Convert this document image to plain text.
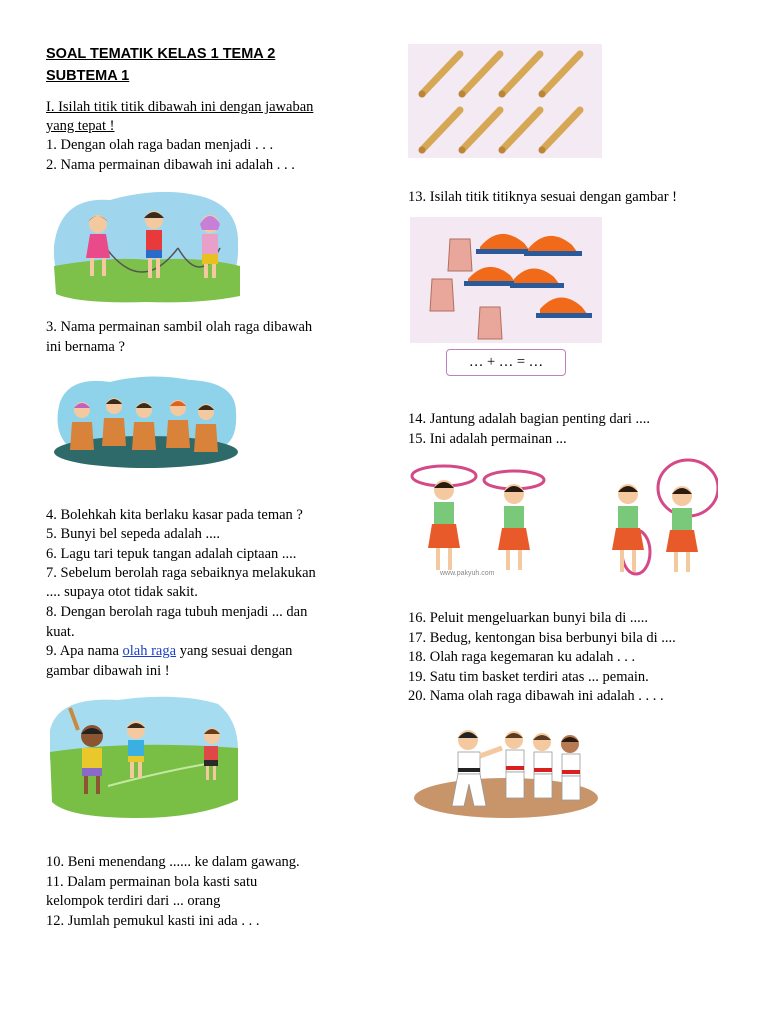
SOAL TEMATIK KELAS 1 TEMA 2
SUBTEMA 1
I. Isilah titik titik dibawah ini dengan jawaban
yang tepat !
1. Dengan olah raga badan menjadi . . .
2. Nama permainan dibawah ini adalah . . .
3. Nama permainan sambil olah raga dibawah
ini bernama ?
4. Bolehkah kita berlaku kasar pada teman ?
5. Bunyi bel sepeda adalah ....
6. Lagu tari tepuk tangan adalah ciptaan ....
7. Sebelum berolah raga sebaiknya melakukan
.... supaya otot tidak sakit.
8. Dengan berolah raga tubuh menjadi ... dan
kuat.
9. Apa nama olah raga yang sesuai dengan
gambar dibawah ini !
10. Beni menendang ...... ke dalam gawang.
11. Dalam permainan bola kasti satu
kelompok terdiri dari ... orang
12. Jumlah pemukul kasti ini ada . . .
13. Isilah titik titiknya sesuai dengan gambar !
… + … = …
14. Jantung adalah bagian penting dari ....
15. Ini adalah permainan ...
www.pakyuh.com
16. Peluit mengeluarkan bunyi bila di .....
17. Bedug, kentongan bisa berbunyi bila di ....
18. Olah raga kegemaran ku adalah . . .
19. Satu tim basket terdiri atas ... pemain.
20. Nama olah raga dibawah ini adalah . . . .
